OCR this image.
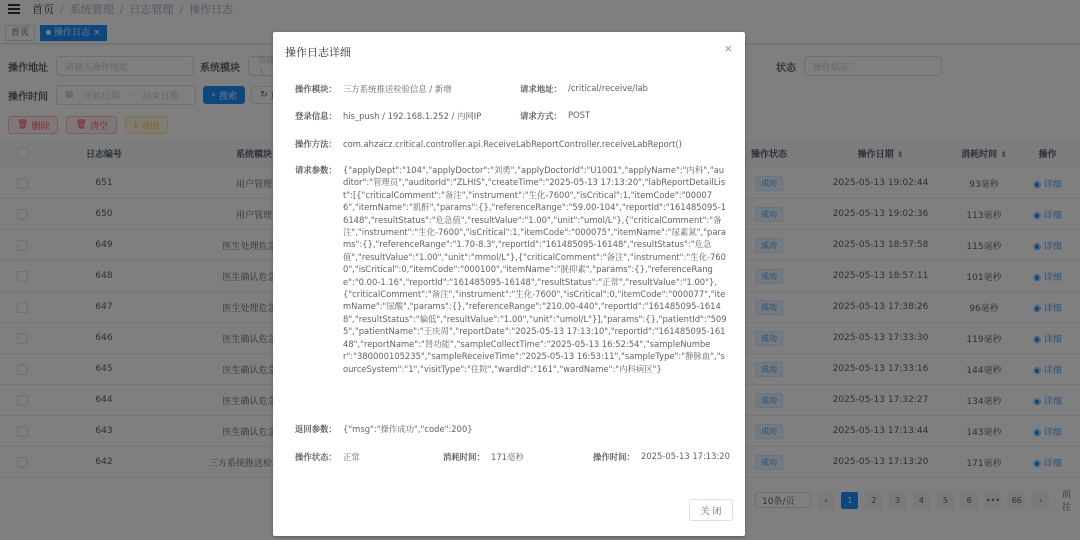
操作日志详细	×
操作模块： 三方系统推送检验信息 / 新增	请求地址： /critical/receive/lab
登录信息： his_push / 192.168.1.252 / 内网IP	请求方式： POST
操作方法： com.ahzacz.critical.controller.api.ReceiveLabReportController.receiveLabReport()
请求参数： {"applyDept":"104","applyDoctor":"刘勇","applyDoctorId":"U1001","applyName":"内科","auditor":"管理员","auditorId":"ZLHIS","createTime":"2025-05-13 17:13:20","labReportDetailList":[{"criticalComment":"备注","instrument":"生化-7600","isCritical":1,"itemCode":"000076","itemName":"肌酐","params":{},"referenceRange":"59.00-104","reportId":"161485095-16148","resultStatus":"危急值","resultValue":"1.00","unit":"umol/L"},{"criticalComment":"备注","instrument":"生化-7600","isCritical":1,"itemCode":"000075","itemName":"尿素氮","params":{},"referenceRange":"1.70-8.3","reportId":"161485095-16148","resultStatus":"危急值","resultValue":"1.00","unit":"mmol/L"},{"criticalComment":"备注","instrument":"生化-7600","isCritical":0,"itemCode":"000100","itemName":"胱抑素","params":{},"referenceRange":"0.00-1.16","reportId":"161485095-16148","resultStatus":"正常","resultValue":"1.00"},{"criticalComment":"备注","instrument":"生化-7600","isCritical":0,"itemCode":"000077","itemName":"尿酸","params":{},"referenceRange":"210.00-440","reportId":"161485095-16148","resultStatus":"偏低","resultValue":"1.00","unit":"umol/L"}],"params":{},"patientId":"5095","patientName":"王庆周","reportDate":"2025-05-13 17:13:10","reportId":"161485095-16148","reportName":"肾功能","sampleCollectTime":"2025-05-13 16:52:54","sampleNumber":"380000105235","sampleReceiveTime":"2025-05-13 16:53:11","sampleType":"静脉血","sourceSystem":"1","visitType":"住院","wardId":"161","wardName":"内科病区"}
返回参数： {"msg":"操作成功","code":200}
操作状态： 正常	消耗时间： 171毫秒	操作时间： 2025-05-13 17:13:20
关 闭
